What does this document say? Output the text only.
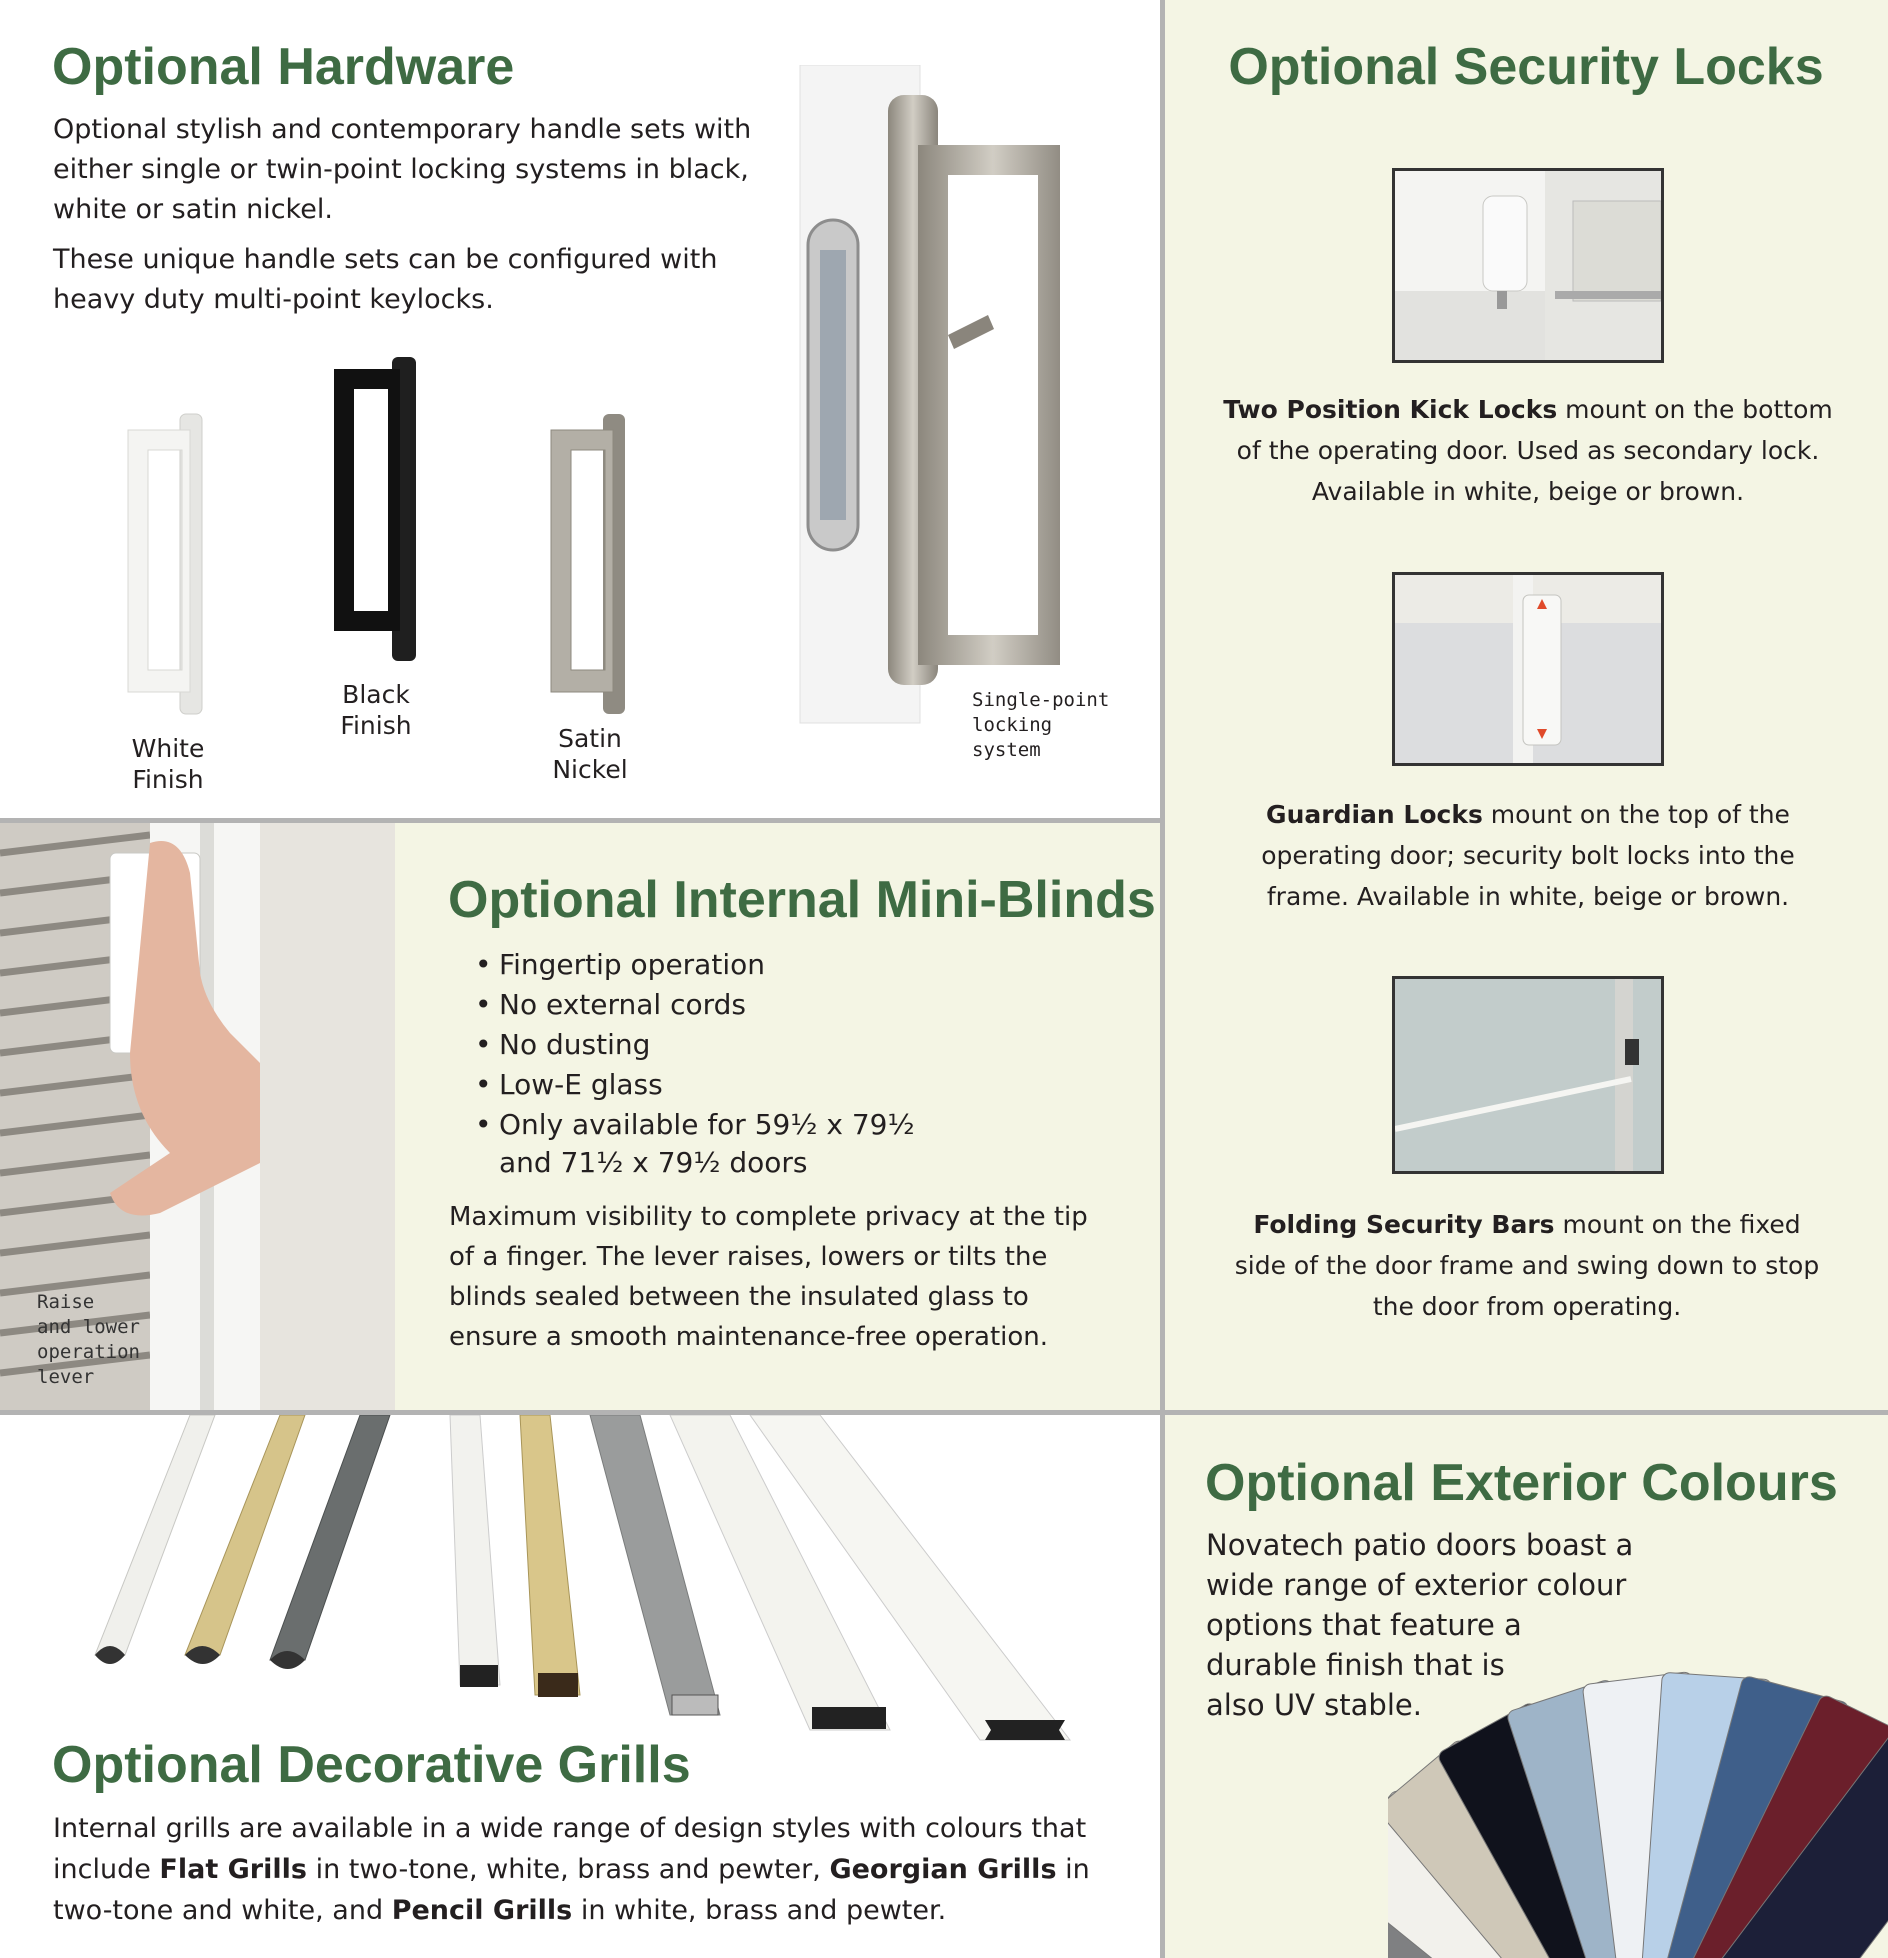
Optional Hardware

Optional stylish and contemporary handle sets with either single or twin-point locking systems in black, white or satin nickel.

These unique handle sets can be configured with heavy duty multi-point keylocks.

White
Finish
Black
Finish	Satin
Nickel
Single-point
locking
system
Raise
and lower
operation
lever
Optional Internal Mini-Blinds
• Fingertip operation
• No external cords
• No dusting
• Low-E glass
• Only available for 59½ x 79½
and 71½ x 79½ doors

Maximum visibility to complete privacy at the tip of a finger. The lever raises, lowers or tilts the blinds sealed between the insulated glass to ensure a smooth maintenance-free operation.

Optional Security Locks
Two Position Kick Locks mount on the bottom of the operating door. Used as secondary lock. Available in white, beige or brown.
Guardian Locks mount on the top of the operating door; security bolt locks into the frame. Available in white, beige or brown.
Folding Security Bars mount on the fixed side of the door frame and swing down to stop the door from operating.
Optional Decorative Grills

Internal grills are available in a wide range of design styles with colours that include Flat Grills in two-tone, white, brass and pewter, Georgian Grills in two-tone and white, and Pencil Grills in white, brass and pewter.

Optional Exterior Colours
Novatech patio doors boast a
wide range of exterior colour
options that feature a
durable finish that is
also UV stable.
